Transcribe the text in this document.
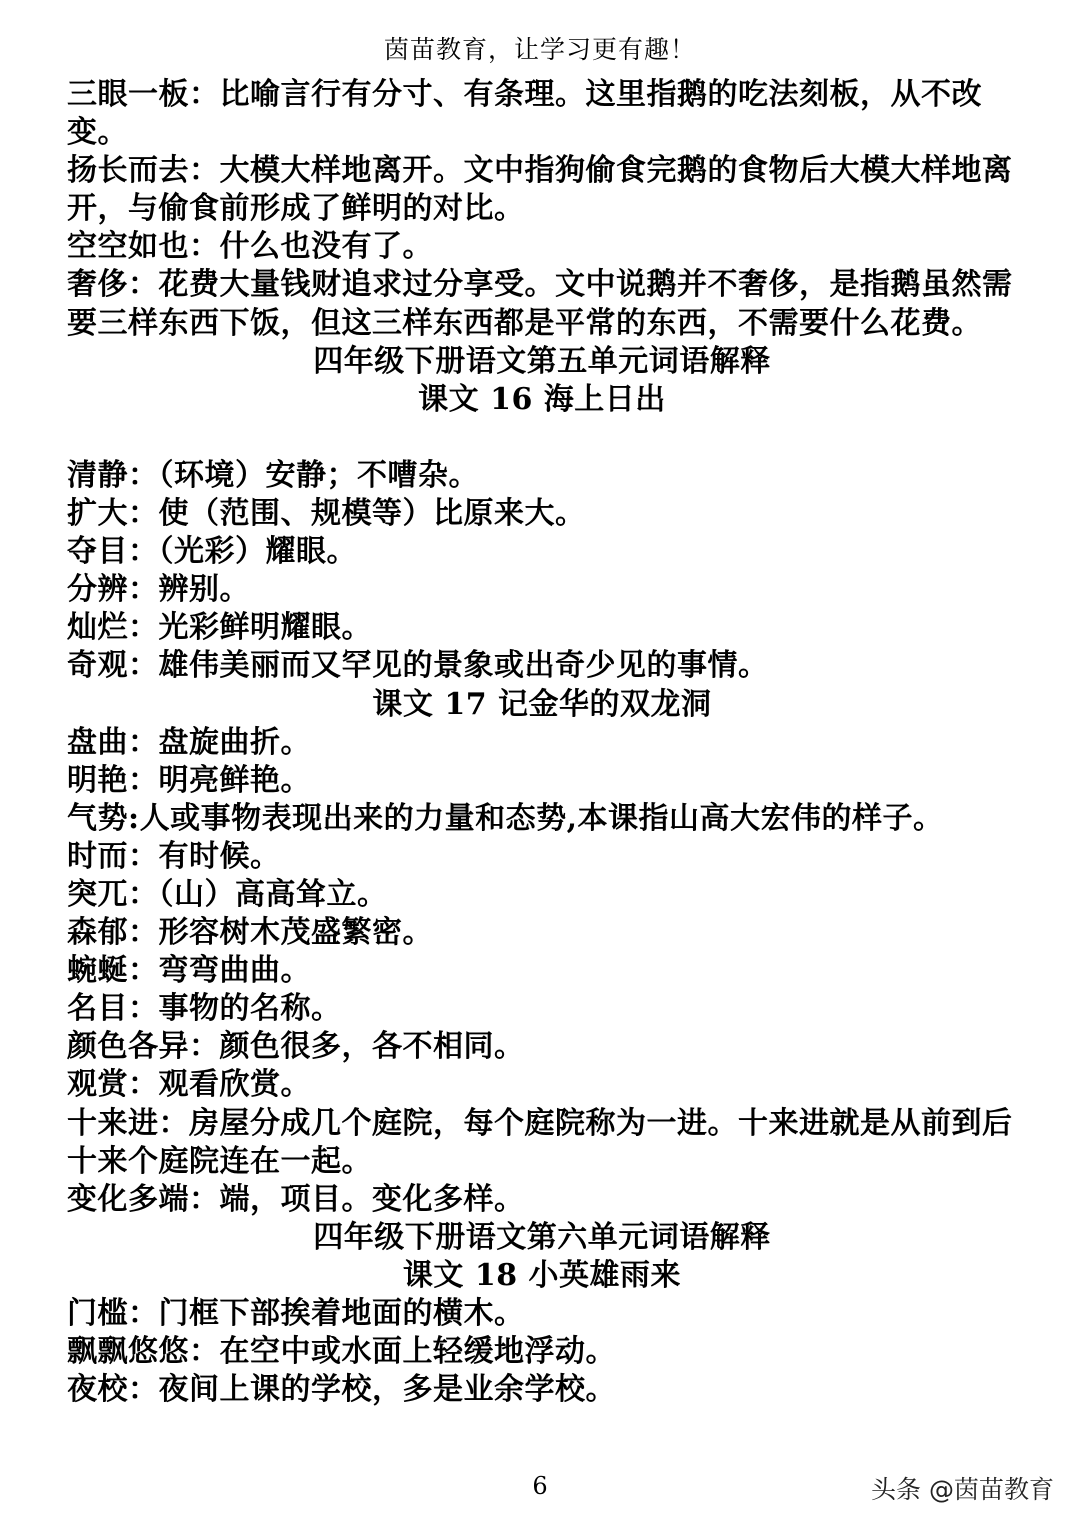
茵苗教育，让学习更有趣！

三眼一板：比喻言行有分寸、有条理。这里指鹅的吃法刻板，从不改变。

扬长而去：大模大样地离开。文中指狗偷食完鹅的食物后大模大样地离开，与偷食前形成了鲜明的对比。

空空如也：什么也没有了。

奢侈：花费大量钱财追求过分享受。文中说鹅并不奢侈，是指鹅虽然需要三样东西下饭，但这三样东西都是平常的东西，不需要什么花费。

四年级下册语文第五单元词语解释

课文 16 海上日出

清静：（环境）安静；不嘈杂。

扩大：使（范围、规模等）比原来大。

夺目：（光彩）耀眼。

分辨：辨别。

灿烂：光彩鲜明耀眼。

奇观：雄伟美丽而又罕见的景象或出奇少见的事情。

课文 17 记金华的双龙洞

盘曲：盘旋曲折。

明艳：明亮鲜艳。

气势:人或事物表现出来的力量和态势,本课指山高大宏伟的样子。

时而：有时候。

突兀：（山）高高耸立。

森郁：形容树木茂盛繁密。

蜿蜒：弯弯曲曲。

名目：事物的名称。

颜色各异：颜色很多，各不相同。

观赏：观看欣赏。

十来进：房屋分成几个庭院，每个庭院称为一进。十来进就是从前到后十来个庭院连在一起。

变化多端：端，项目。变化多样。

四年级下册语文第六单元词语解释

课文 18 小英雄雨来

门槛：门框下部挨着地面的横木。

飘飘悠悠：在空中或水面上轻缓地浮动。

夜校：夜间上课的学校，多是业余学校。

6	头条 @茵苗教育
